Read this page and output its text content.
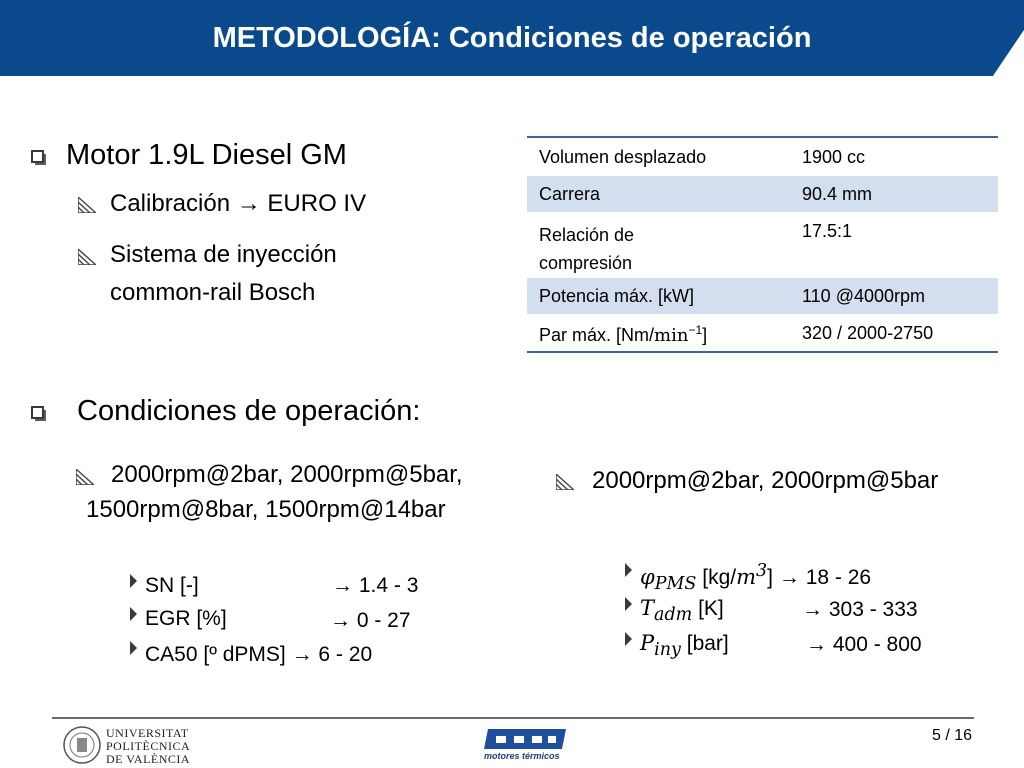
METODOLOGÍA: Condiciones de operación
Motor 1.9L Diesel GM
Calibración → EURO IV
Sistema de inyección
common-rail Bosch
Volumen desplazado	1900 cc
Carrera	90.4 mm
Relación de
compresión	17.5:1
Potencia máx. [kW]	110 @4000rpm
Par máx. $[Nm/\min^{-1}]$	320 / 2000-2750
Condiciones de operación:
2000rpm@2bar, 2000rpm@5bar,
1500rpm@8bar, 1500rpm@14bar
2000rpm@2bar, 2000rpm@5bar
SN [-]	→ 1.4 - 3
EGR [%]	→ 0 - 27
CA50 [º dPMS] → 6 - 20
$\varphi_{PMS}$ $[kg/m^3] \to 18 - 26$
$T_{adm}$ [K]	→ 303 - 333
$P_{iny}$ [bar]	→ 400 - 800
UNIVERSITAT
POLITÈCNICA
DE VALÈNCIA	motores térmicos
5 / 16
